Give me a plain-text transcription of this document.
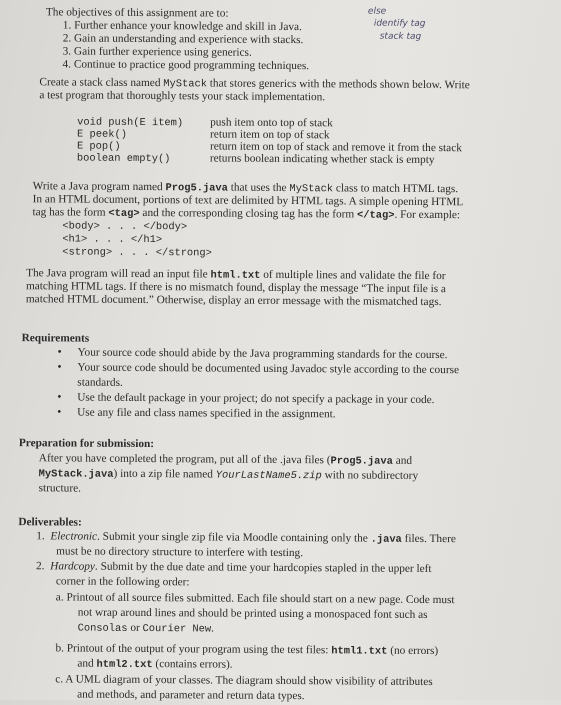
else
identify tag
stack tag
The objectives of this assignment are to:
1. Further enhance your knowledge and skill in Java.
2. Gain an understanding and experience with stacks.
3. Gain further experience using generics.
4. Continue to practice good programming techniques.
Create a stack class named MyStack that stores generics with the methods shown below. Write
a test program that thoroughly tests your stack implementation.
void push(E item) push item onto top of stack
E peek()	return item on top of stack
E pop()	return item on top of stack and remove it from the stack
boolean empty()	returns boolean indicating whether stack is empty
Write a Java program named Prog5.java that uses the MyStack class to match HTML tags.
In an HTML document, portions of text are delimited by HTML tags. A simple opening HTML
tag has the form <tag> and the corresponding closing tag has the form </tag>. For example:
<body> . . . </body>
<h1> . . . </h1>
<strong> . . . </strong>
The Java program will read an input file html.txt of multiple lines and validate the file for
matching HTML tags. If there is no mismatch found, display the message “The input file is a
matched HTML document.” Otherwise, display an error message with the mismatched tags.
Requirements
• Your source code should abide by the Java programming standards for the course.
• Your source code should be documented using Javadoc style according to the course
standards.
• Use the default package in your project; do not specify a package in your code.
• Use any file and class names specified in the assignment.
Preparation for submission:
After you have completed the program, put all of the .java files (Prog5.java and
MyStack.java) into a zip file named YourLastName5.zip with no subdirectory
structure.
Deliverables:
1. Electronic. Submit your single zip file via Moodle containing only the .java files. There
must be no directory structure to interfere with testing.
2. Hardcopy. Submit by the due date and time your hardcopies stapled in the upper left
corner in the following order:
a. Printout of all source files submitted. Each file should start on a new page. Code must
not wrap around lines and should be printed using a monospaced font such as
Consolas or Courier New.
b. Printout of the output of your program using the test files: html1.txt (no errors)
and html2.txt (contains errors).
c. A UML diagram of your classes. The diagram should show visibility of attributes
and methods, and parameter and return data types.
